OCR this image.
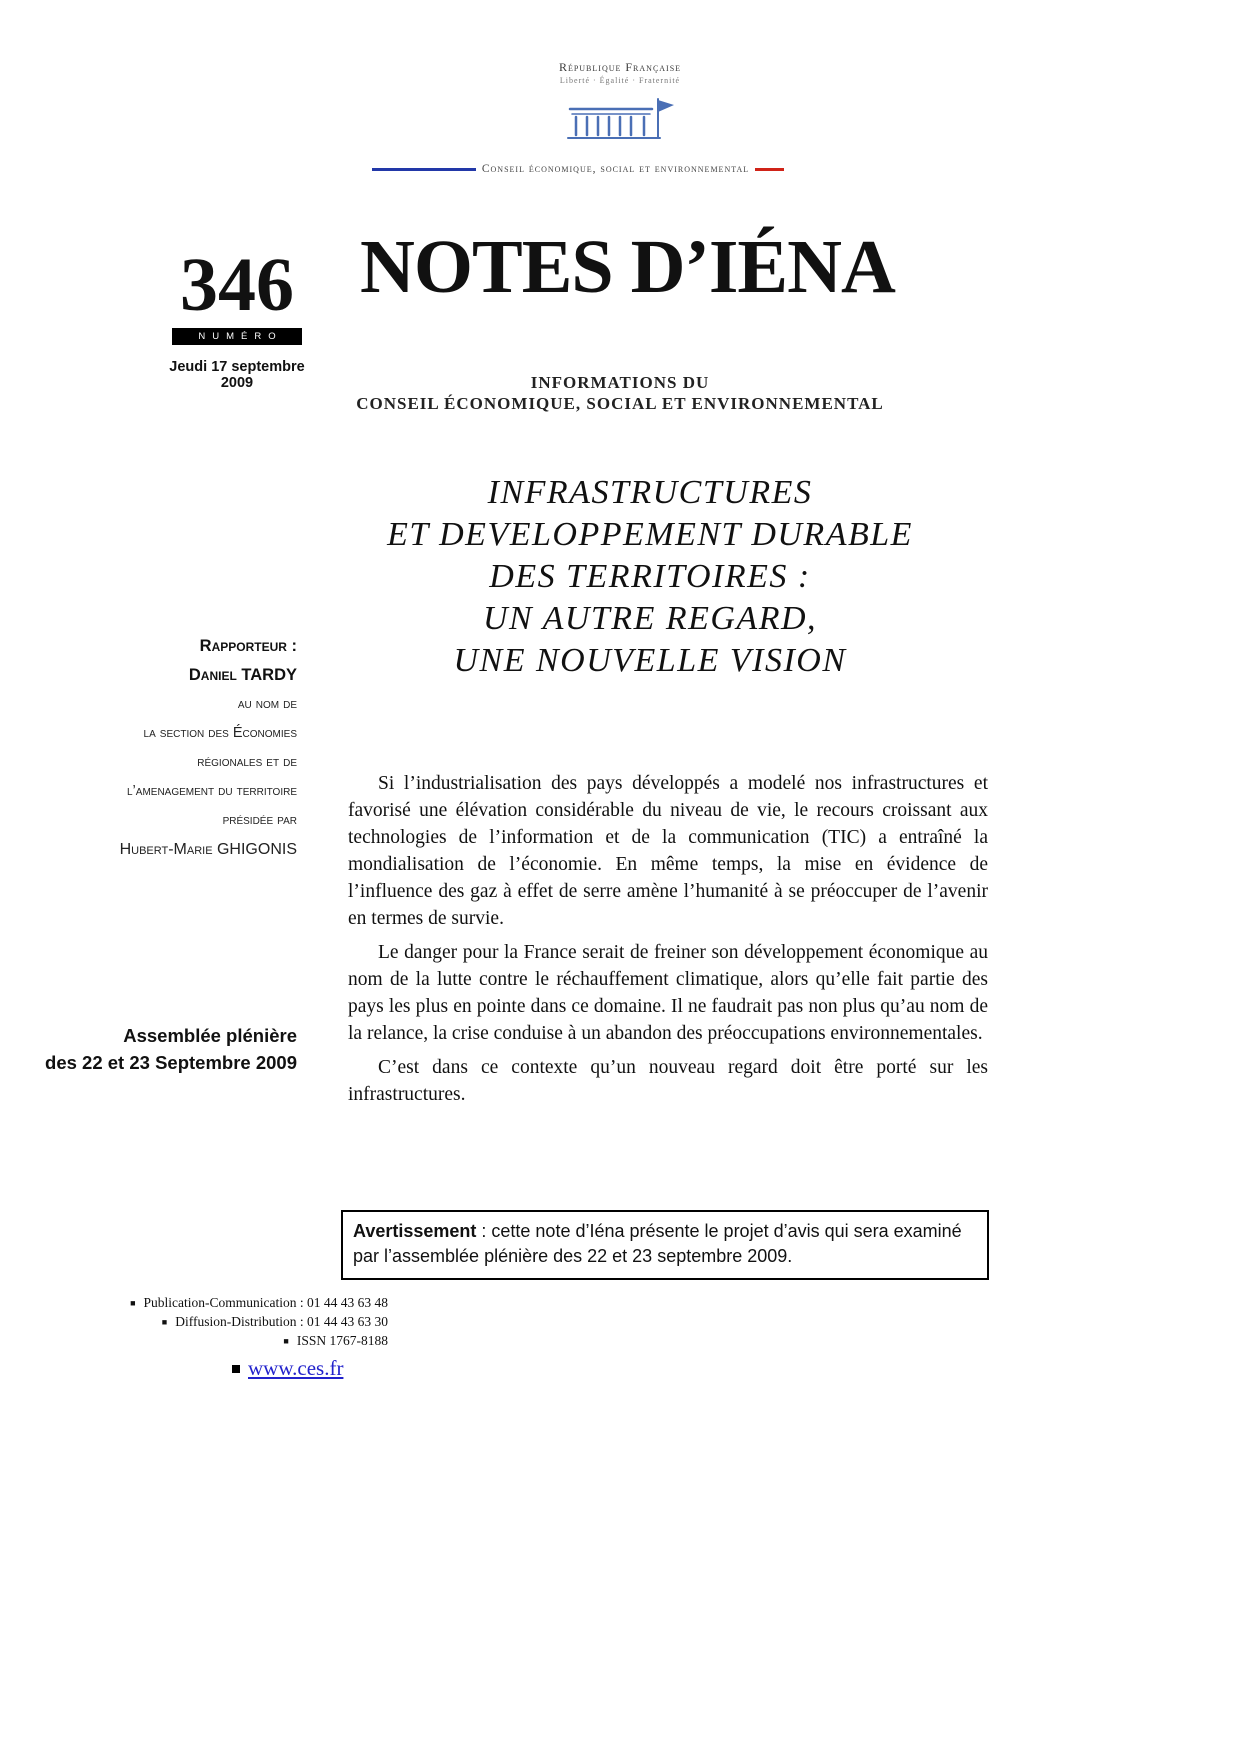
République Française
Liberté · Égalité · Fraternité
Conseil économique, social et environnemental
346
NUMÉRO
Jeudi 17 septembre 2009
NOTES D’IÉNA
INFORMATIONS DU
CONSEIL ÉCONOMIQUE, SOCIAL ET ENVIRONNEMENTAL
INFRASTRUCTURES
ET DEVELOPPEMENT DURABLE
DES TERRITOIRES :
UN AUTRE REGARD,
UNE NOUVELLE VISION
Rapporteur :
Daniel TARDY
au nom de
la section des Économies
régionales et de
l’amenagement du territoire
présidée par
Hubert-Marie GHIGONIS
Assemblée plénière
des 22 et 23 Septembre 2009

Si l’industrialisation des pays développés a modelé nos infrastructures et favorisé une élévation considérable du niveau de vie, le recours croissant aux technologies de l’information et de la communication (TIC) a entraîné la mondialisation de l’économie. En même temps, la mise en évidence de l’influence des gaz à effet de serre amène l’humanité à se préoccuper de l’avenir en termes de survie.

Le danger pour la France serait de freiner son développement économique au nom de la lutte contre le réchauffement climatique, alors qu’elle fait partie des pays les plus en pointe dans ce domaine. Il ne faudrait pas non plus qu’au nom de la relance, la crise conduise à un abandon des préoccupations environnementales.

C’est dans ce contexte qu’un nouveau regard doit être porté sur les infrastructures.

Avertissement : cette note d’Iéna présente le projet d’avis qui sera examiné par l’assemblée plénière des 22 et 23 septembre 2009.
■ Publication-Communication : 01 44 43 63 48
■ Diffusion-Distribution : 01 44 43 63 30
■ ISSN 1767-8188
www.ces.fr
